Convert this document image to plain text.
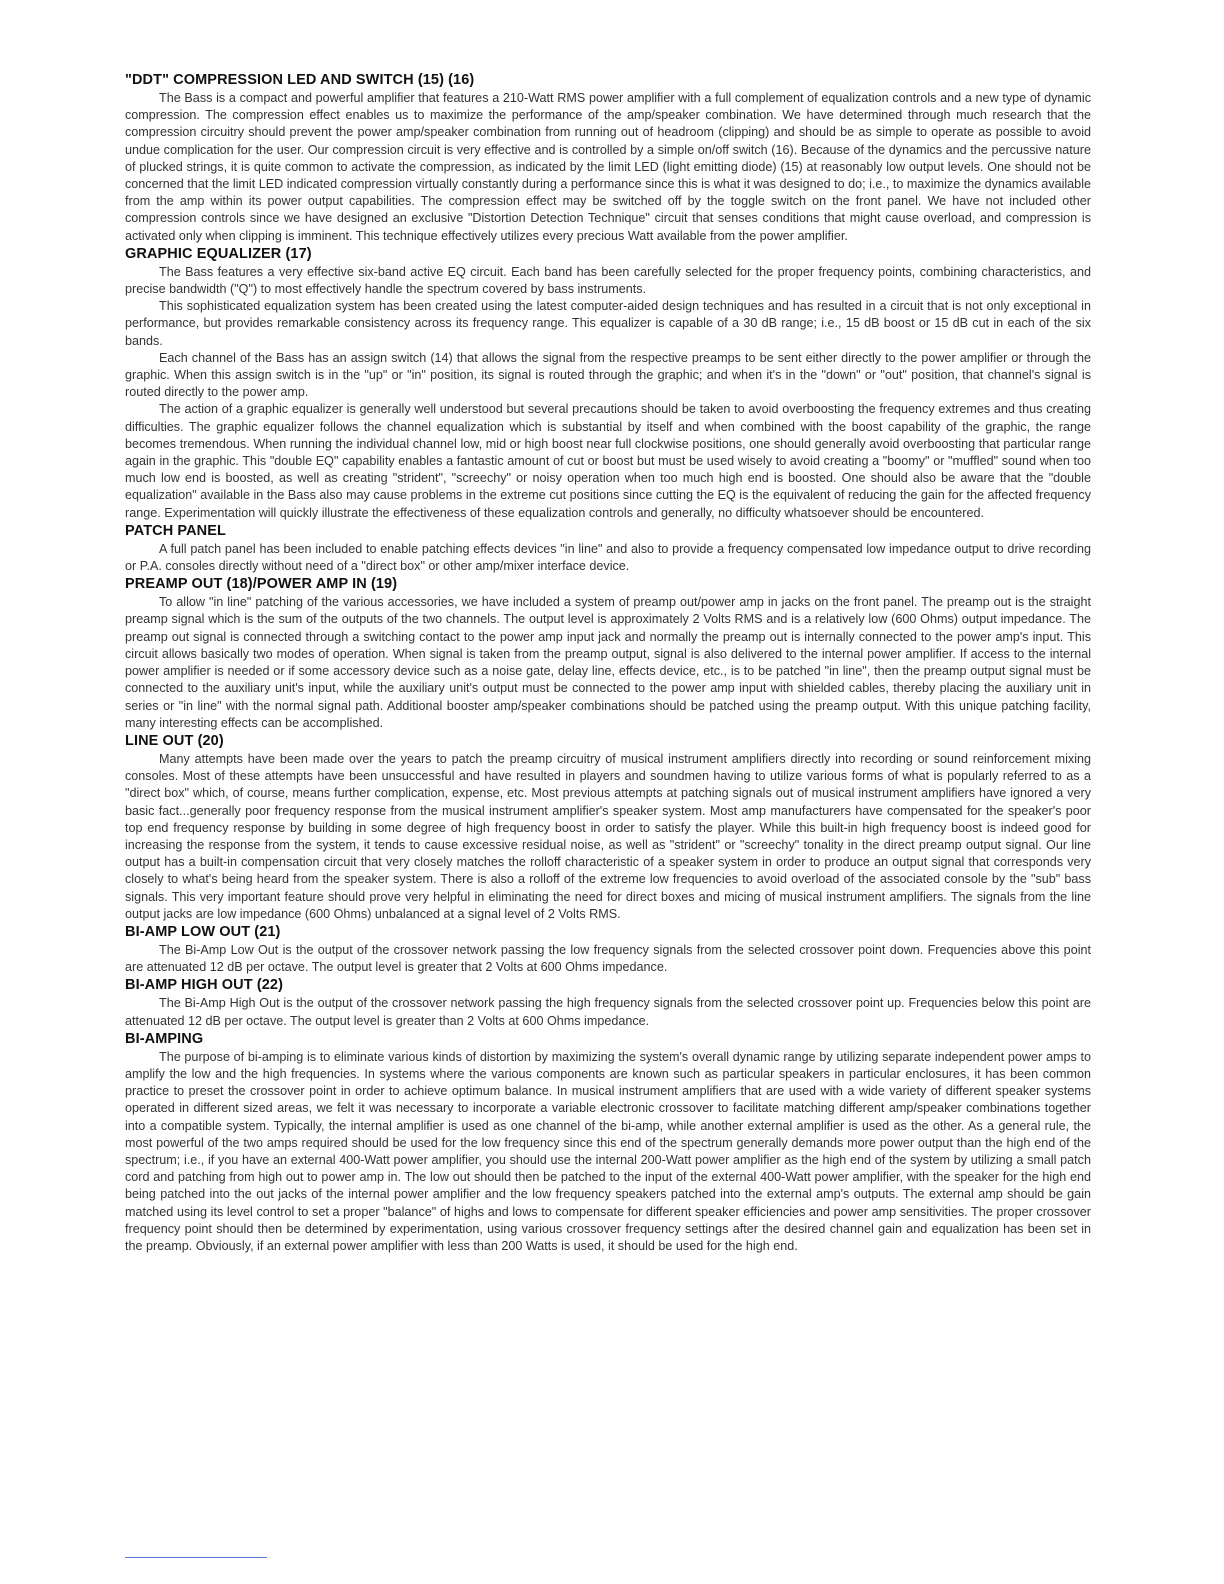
"DDT" COMPRESSION LED AND SWITCH (15) (16)

The Bass is a compact and powerful amplifier that features a 210-Watt RMS power amplifier with a full complement of equalization controls and a new type of dynamic compression. The compression effect enables us to maximize the performance of the amp/speaker combination. We have determined through much research that the compression circuitry should prevent the power amp/speaker combination from running out of headroom (clipping) and should be as simple to operate as possible to avoid undue complication for the user. Our compression circuit is very effective and is controlled by a simple on/off switch (16). Because of the dynamics and the percussive nature of plucked strings, it is quite common to activate the compression, as indicated by the limit LED (light emitting diode) (15) at reasonably low output levels. One should not be concerned that the limit LED indicated compression virtually constantly during a performance since this is what it was designed to do; i.e., to maximize the dynamics available from the amp within its power output capabilities. The compression effect may be switched off by the toggle switch on the front panel. We have not included other compression controls since we have designed an exclusive "Distortion Detection Technique" circuit that senses conditions that might cause overload, and compression is activated only when clipping is imminent. This technique effectively utilizes every precious Watt available from the power amplifier.

GRAPHIC EQUALIZER (17)

The Bass features a very effective six-band active EQ circuit. Each band has been carefully selected for the proper frequency points, combining characteristics, and precise bandwidth ("Q") to most effectively handle the spectrum covered by bass instruments.

This sophisticated equalization system has been created using the latest computer-aided design techniques and has resulted in a circuit that is not only exceptional in performance, but provides remarkable consistency across its frequency range. This equalizer is capable of a 30 dB range; i.e., 15 dB boost or 15 dB cut in each of the six bands.

Each channel of the Bass has an assign switch (14) that allows the signal from the respective preamps to be sent either directly to the power amplifier or through the graphic. When this assign switch is in the "up" or "in" position, its signal is routed through the graphic; and when it's in the "down" or "out" position, that channel's signal is routed directly to the power amp.

The action of a graphic equalizer is generally well understood but several precautions should be taken to avoid overboosting the frequency extremes and thus creating difficulties. The graphic equalizer follows the channel equalization which is substantial by itself and when combined with the boost capability of the graphic, the range becomes tremendous. When running the individual channel low, mid or high boost near full clockwise positions, one should generally avoid overboosting that particular range again in the graphic. This "double EQ" capability enables a fantastic amount of cut or boost but must be used wisely to avoid creating a "boomy" or "muffled" sound when too much low end is boosted, as well as creating "strident", "screechy" or noisy operation when too much high end is boosted. One should also be aware that the "double equalization" available in the Bass also may cause problems in the extreme cut positions since cutting the EQ is the equivalent of reducing the gain for the affected frequency range. Experimentation will quickly illustrate the effectiveness of these equalization controls and generally, no difficulty whatsoever should be encountered.

PATCH PANEL

A full patch panel has been included to enable patching effects devices "in line" and also to provide a frequency compensated low impedance output to drive recording or P.A. consoles directly without need of a "direct box" or other amp/mixer interface device.

PREAMP OUT (18)/POWER AMP IN (19)

To allow "in line" patching of the various accessories, we have included a system of preamp out/power amp in jacks on the front panel. The preamp out is the straight preamp signal which is the sum of the outputs of the two channels. The output level is approximately 2 Volts RMS and is a relatively low (600 Ohms) output impedance. The preamp out signal is connected through a switching contact to the power amp input jack and normally the preamp out is internally connected to the power amp's input. This circuit allows basically two modes of operation. When signal is taken from the preamp output, signal is also delivered to the internal power amplifier. If access to the internal power amplifier is needed or if some accessory device such as a noise gate, delay line, effects device, etc., is to be patched "in line", then the preamp output signal must be connected to the auxiliary unit's input, while the auxiliary unit's output must be connected to the power amp input with shielded cables, thereby placing the auxiliary unit in series or "in line" with the normal signal path. Additional booster amp/speaker combinations should be patched using the preamp output. With this unique patching facility, many interesting effects can be accomplished.

LINE OUT (20)

Many attempts have been made over the years to patch the preamp circuitry of musical instrument amplifiers directly into recording or sound reinforcement mixing consoles. Most of these attempts have been unsuccessful and have resulted in players and soundmen having to utilize various forms of what is popularly referred to as a "direct box" which, of course, means further complication, expense, etc. Most previous attempts at patching signals out of musical instrument amplifiers have ignored a very basic fact...generally poor frequency response from the musical instrument amplifier's speaker system. Most amp manufacturers have compensated for the speaker's poor top end frequency response by building in some degree of high frequency boost in order to satisfy the player. While this built-in high frequency boost is indeed good for increasing the response from the system, it tends to cause excessive residual noise, as well as "strident" or "screechy" tonality in the direct preamp output signal. Our line output has a built-in compensation circuit that very closely matches the rolloff characteristic of a speaker system in order to produce an output signal that corresponds very closely to what's being heard from the speaker system. There is also a rolloff of the extreme low frequencies to avoid overload of the associated console by the "sub" bass signals. This very important feature should prove very helpful in eliminating the need for direct boxes and micing of musical instrument amplifiers. The signals from the line output jacks are low impedance (600 Ohms) unbalanced at a signal level of 2 Volts RMS.

BI-AMP LOW OUT (21)

The Bi-Amp Low Out is the output of the crossover network passing the low frequency signals from the selected crossover point down. Frequencies above this point are attenuated 12 dB per octave. The output level is greater that 2 Volts at 600 Ohms impedance.

BI-AMP HIGH OUT (22)

The Bi-Amp High Out is the output of the crossover network passing the high frequency signals from the selected crossover point up. Frequencies below this point are attenuated 12 dB per octave. The output level is greater than 2 Volts at 600 Ohms impedance.

BI-AMPING

The purpose of bi-amping is to eliminate various kinds of distortion by maximizing the system's overall dynamic range by utilizing separate independent power amps to amplify the low and the high frequencies. In systems where the various components are known such as particular speakers in particular enclosures, it has been common practice to preset the crossover point in order to achieve optimum balance. In musical instrument amplifiers that are used with a wide variety of different speaker systems operated in different sized areas, we felt it was necessary to incorporate a variable electronic crossover to facilitate matching different amp/speaker combinations together into a compatible system. Typically, the internal amplifier is used as one channel of the bi-amp, while another external amplifier is used as the other. As a general rule, the most powerful of the two amps required should be used for the low frequency since this end of the spectrum generally demands more power output than the high end of the spectrum; i.e., if you have an external 400-Watt power amplifier, you should use the internal 200-Watt power amplifier as the high end of the system by utilizing a small patch cord and patching from high out to power amp in. The low out should then be patched to the input of the external 400-Watt power amplifier, with the speaker for the high end being patched into the out jacks of the internal power amplifier and the low frequency speakers patched into the external amp's outputs. The external amp should be gain matched using its level control to set a proper "balance" of highs and lows to compensate for different speaker efficiencies and power amp sensitivities. The proper crossover frequency point should then be determined by experimentation, using various crossover frequency settings after the desired channel gain and equalization has been set in the preamp. Obviously, if an external power amplifier with less than 200 Watts is used, it should be used for the high end.
